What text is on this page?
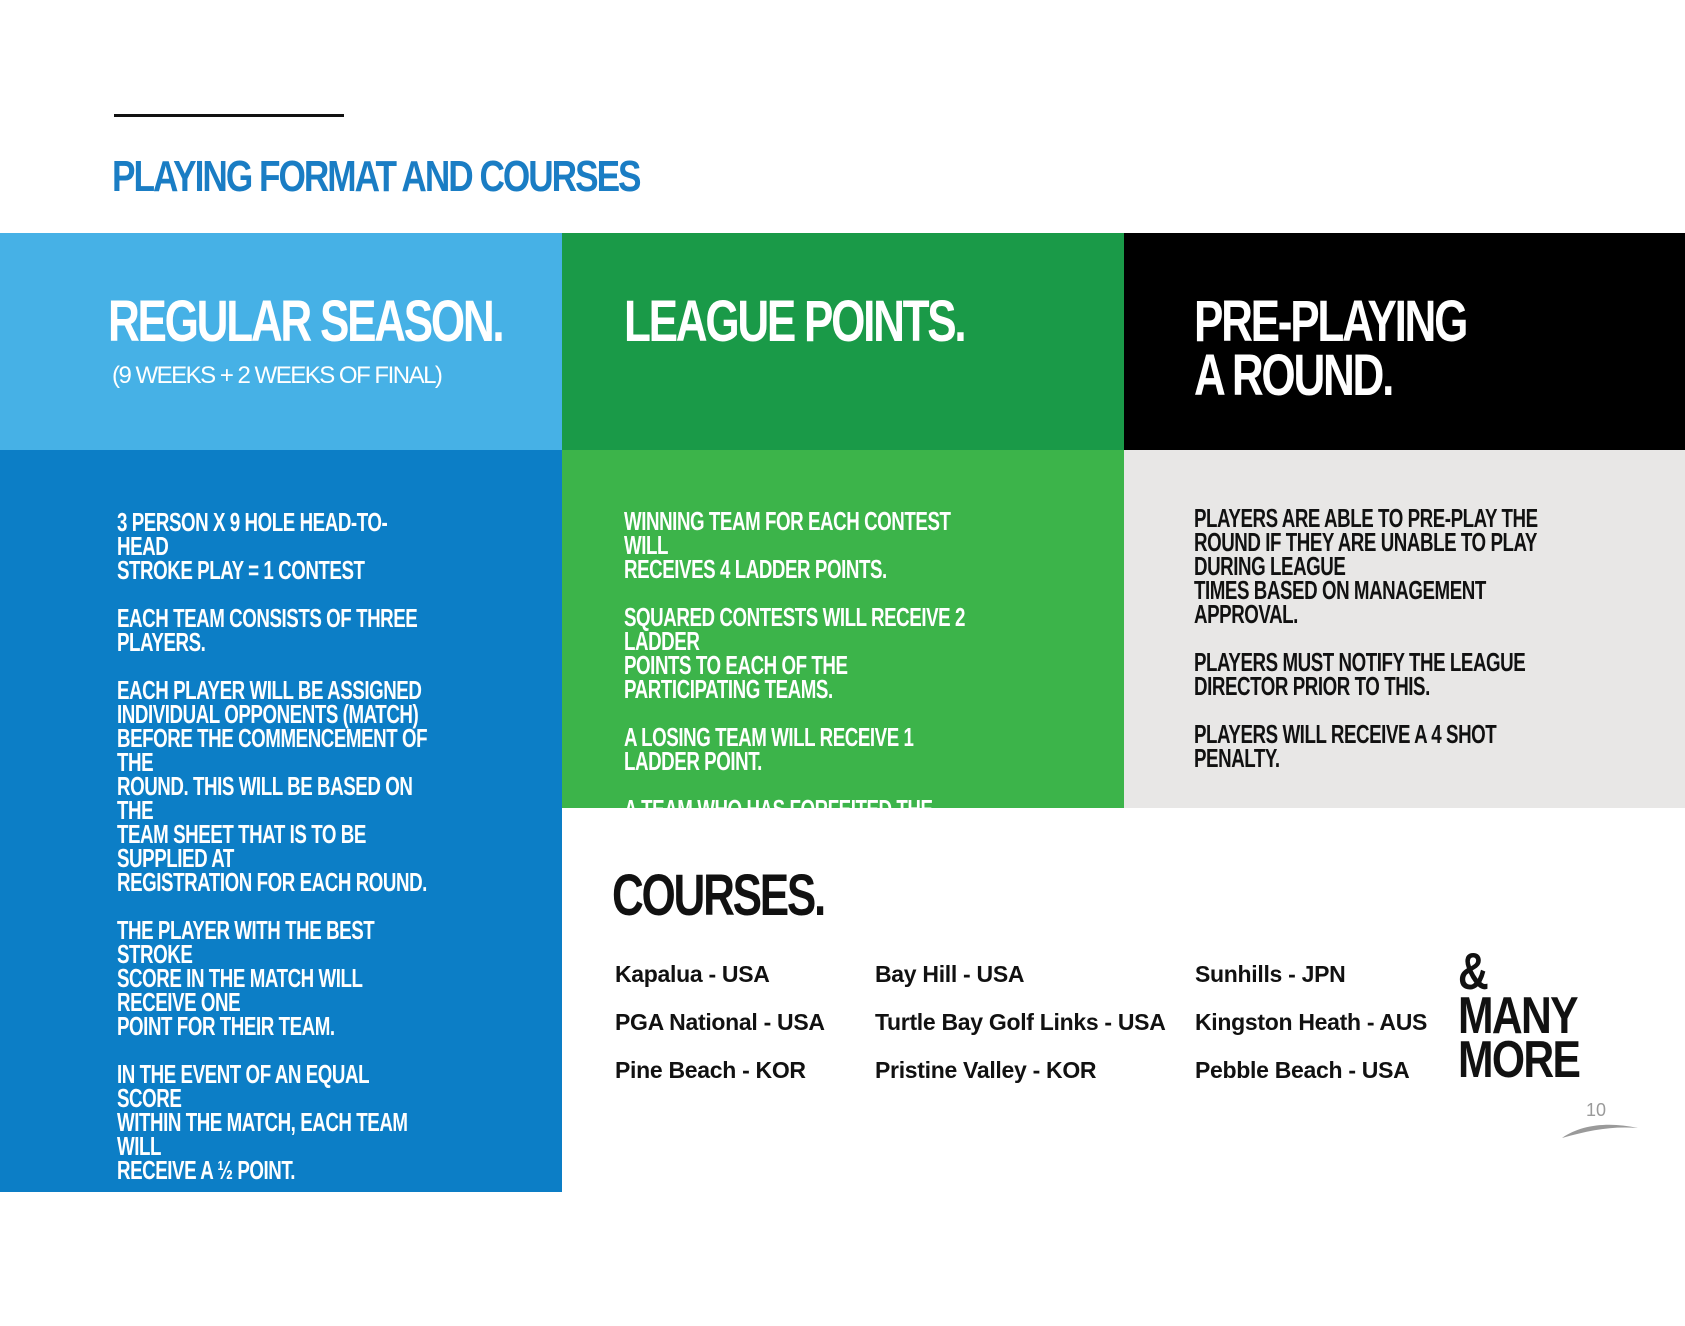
PLAYING FORMAT AND COURSES
REGULAR SEASON.
(9 WEEKS + 2 WEEKS OF FINAL)
3 PERSON X 9 HOLE HEAD-TO-HEAD
STROKE PLAY = 1 CONTEST
EACH TEAM CONSISTS OF THREE
PLAYERS.
EACH PLAYER WILL BE ASSIGNED
INDIVIDUAL OPPONENTS (MATCH)
BEFORE THE COMMENCEMENT OF THE
ROUND. THIS WILL BE BASED ON THE
TEAM SHEET THAT IS TO BE SUPPLIED AT
REGISTRATION FOR EACH ROUND.
THE PLAYER WITH THE BEST STROKE
SCORE IN THE MATCH WILL RECEIVE ONE
POINT FOR THEIR TEAM.
IN THE EVENT OF AN EQUAL SCORE
WITHIN THE MATCH, EACH TEAM WILL
RECEIVE A ½ POINT.
PLAYERS ARE REQUIRED TO PLAY IN
HANDICAP ORDER, HIGHER TO LOWER.
LEAGUE POINTS.
WINNING TEAM FOR EACH CONTEST WILL
RECEIVES 4 LADDER POINTS.
SQUARED CONTESTS WILL RECEIVE 2 LADDER
POINTS TO EACH OF THE PARTICIPATING TEAMS.
A LOSING TEAM WILL RECEIVE 1 LADDER POINT.
A TEAM WHO HAS FORFEITED THE CONTEST
WILL RECEIVE 0 LADDER POINTS.
PRE-PLAYING
A ROUND.
PLAYERS ARE ABLE TO PRE-PLAY THE
ROUND IF THEY ARE UNABLE TO PLAY
DURING LEAGUE
TIMES BASED ON MANAGEMENT
APPROVAL.
PLAYERS MUST NOTIFY THE LEAGUE
DIRECTOR PRIOR TO THIS.
PLAYERS WILL RECEIVE A 4 SHOT PENALTY.
COURSES.
Kapalua - USA
PGA National - USA
Pine Beach - KOR
Bay Hill - USA
Turtle Bay Golf Links - USA
Pristine Valley - KOR
Sunhills - JPN
Kingston Heath - AUS
Pebble Beach - USA
&
MANY
MORE
10
